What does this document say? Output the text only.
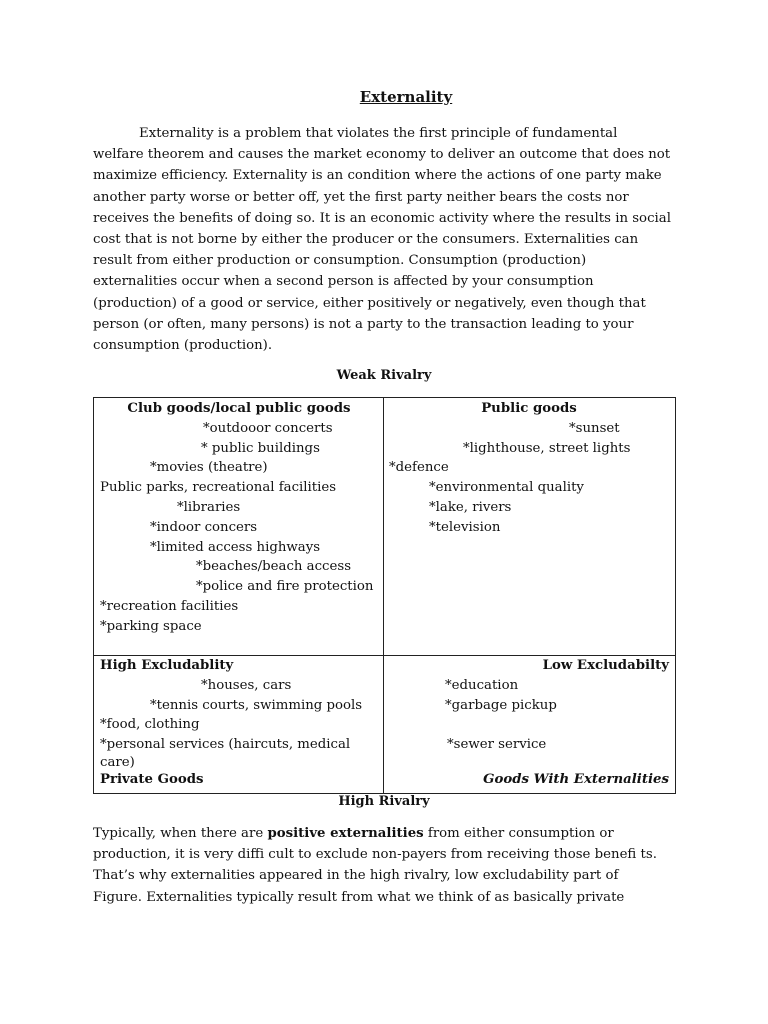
Externality
Externality is a problem that violates the first principle of fundamental
welfare theorem and causes the market economy to deliver an outcome that does not
maximize efficiency. Externality is an condition where the actions of one party make
another party worse or better off, yet the first party neither bears the costs nor
receives the benefits of doing so. It is an economic activity where the results in social
cost that is not borne by either the producer or the consumers. Externalities can
result from either production or consumption. Consumption (production)
externalities occur when a second person is affected by your consumption
(production) of a good or service, either positively or negatively, even though that
person (or often, many persons) is not a party to the transaction leading to your
consumption (production).
Weak Rivalry
Club goods/local public goods
*outdooor concerts
* public buildings
*movies (theatre)
Public parks, recreational facilities
*libraries
*indoor concers
*limited access highways
*beaches/beach access
*police and fire protection
*recreation facilities
*parking space
Public goods
*sunset
*lighthouse, street lights
*defence
*environmental quality
*lake, rivers
*television
High Excludablity
*houses, cars
*tennis courts, swimming pools
*food, clothing
*personal services (haircuts, medical
care)
Private Goods
Low Excludabilty
*education
*garbage pickup
*sewer service
Goods With Externalities
High Rivalry
Typically, when there are positive externalities from either consumption or
production, it is very diffi cult to exclude non-payers from receiving those benefi ts.
That’s why externalities appeared in the high rivalry, low excludability part of
Figure. Externalities typically result from what we think of as basically private
